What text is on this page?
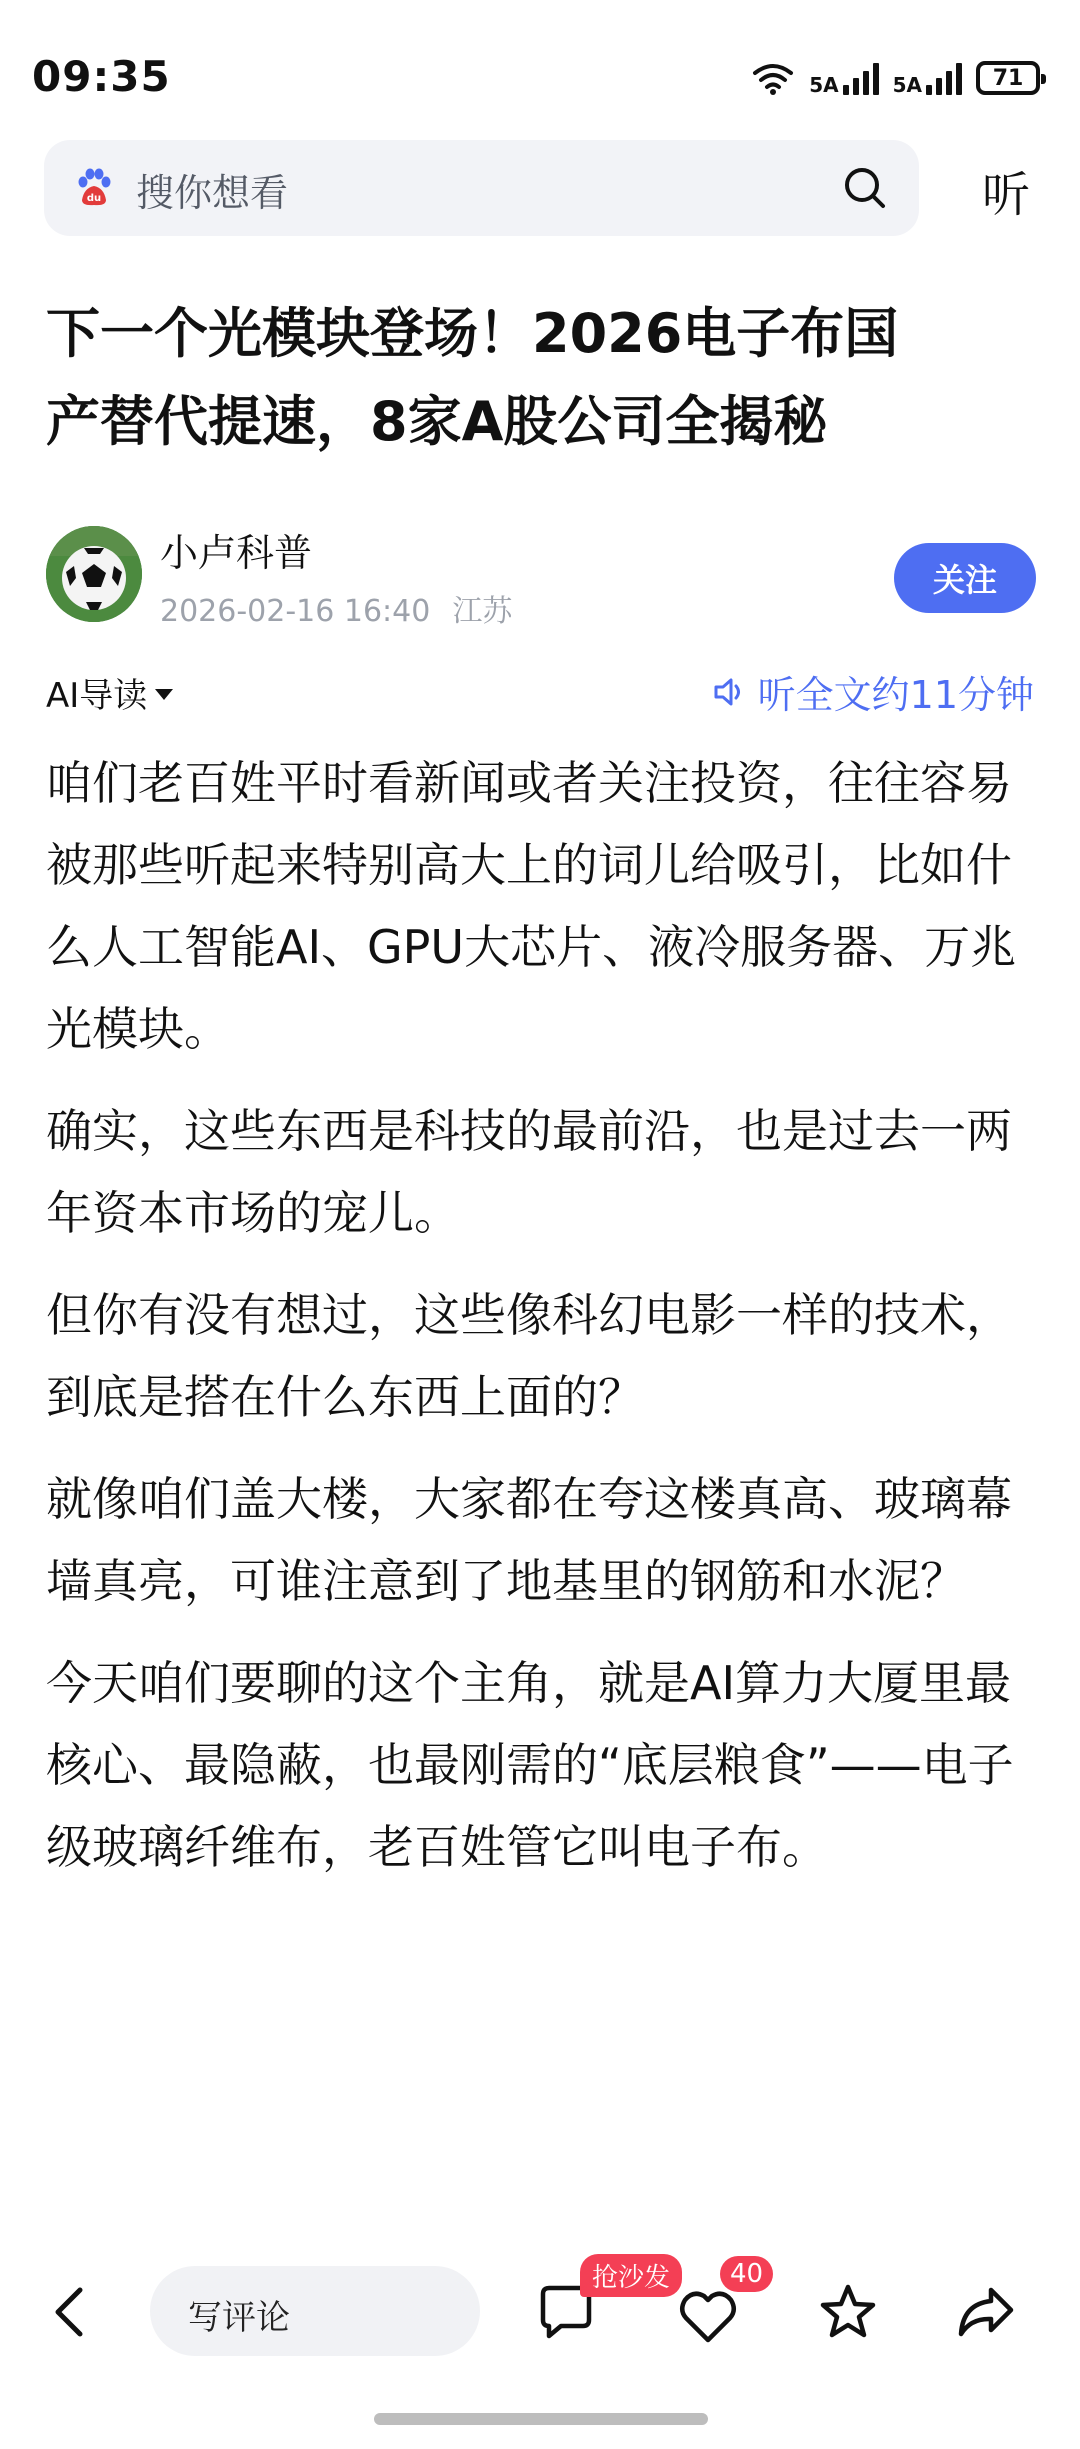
09:35	5A	5A	71
du 搜你想看	听
下一个光模块登场！2026电子布国
产替代提速，8家A股公司全揭秘
小卢科普
2026-02-16 16:40 江苏
关注
AI导读	听全文约11分钟

咱们老百姓平时看新闻或者关注投资，往往容易被那些听起来特别高大上的词儿给吸引，比如什么人工智能AI、GPU大芯片、液冷服务器、万兆光模块。

确实，这些东西是科技的最前沿，也是过去一两年资本市场的宠儿。

但你有没有想过，这些像科幻电影一样的技术，到底是搭在什么东西上面的？

就像咱们盖大楼，大家都在夸这楼真高、玻璃幕墙真亮，可谁注意到了地基里的钢筋和水泥？

今天咱们要聊的这个主角，就是AI算力大厦里最核心、最隐蔽，也最刚需的“底层粮食”——电子级玻璃纤维布，老百姓管它叫电子布。

写评论
抢沙发	40
